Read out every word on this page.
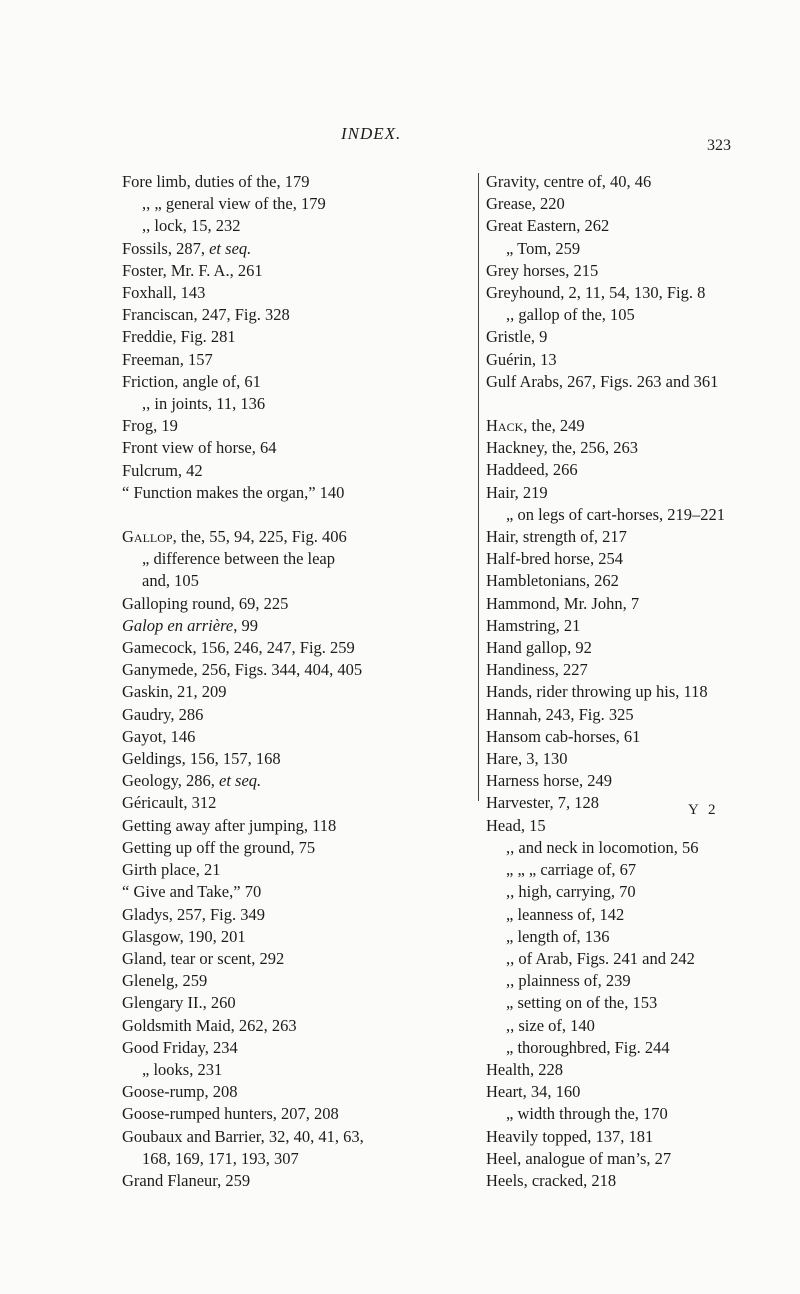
INDEX.
323
Fore limb, duties of the, 179
,, „ general view of the, 179
,, lock, 15, 232
Fossils, 287, et seq.
Foster, Mr. F. A., 261
Foxhall, 143
Franciscan, 247, Fig. 328
Freddie, Fig. 281
Freeman, 157
Friction, angle of, 61
,, in joints, 11, 136
Frog, 19
Front view of horse, 64
Fulcrum, 42
“ Function makes the organ,” 140
Gallop, the, 55, 94, 225, Fig. 406
„ difference between the leap
and, 105
Galloping round, 69, 225
Galop en arrière, 99
Gamecock, 156, 246, 247, Fig. 259
Ganymede, 256, Figs. 344, 404, 405
Gaskin, 21, 209
Gaudry, 286
Gayot, 146
Geldings, 156, 157, 168
Geology, 286, et seq.
Géricault, 312
Getting away after jumping, 118
Getting up off the ground, 75
Girth place, 21
“ Give and Take,” 70
Gladys, 257, Fig. 349
Glasgow, 190, 201
Gland, tear or scent, 292
Glenelg, 259
Glengary II., 260
Goldsmith Maid, 262, 263
Good Friday, 234
„ looks, 231
Goose-rump, 208
Goose-rumped hunters, 207, 208
Goubaux and Barrier, 32, 40, 41, 63,
168, 169, 171, 193, 307
Grand Flaneur, 259
Gravity, centre of, 40, 46
Grease, 220
Great Eastern, 262
„ Tom, 259
Grey horses, 215
Greyhound, 2, 11, 54, 130, Fig. 8
,, gallop of the, 105
Gristle, 9
Guérin, 13
Gulf Arabs, 267, Figs. 263 and 361
Hack, the, 249
Hackney, the, 256, 263
Haddeed, 266
Hair, 219
„ on legs of cart-horses, 219–221
Hair, strength of, 217
Half-bred horse, 254
Hambletonians, 262
Hammond, Mr. John, 7
Hamstring, 21
Hand gallop, 92
Handiness, 227
Hands, rider throwing up his, 118
Hannah, 243, Fig. 325
Hansom cab-horses, 61
Hare, 3, 130
Harness horse, 249
Harvester, 7, 128
Head, 15
,, and neck in locomotion, 56
„ „ „ carriage of, 67
,, high, carrying, 70
„ leanness of, 142
„ length of, 136
,, of Arab, Figs. 241 and 242
,, plainness of, 239
„ setting on of the, 153
,, size of, 140
„ thoroughbred, Fig. 244
Health, 228
Heart, 34, 160
„ width through the, 170
Heavily topped, 137, 181
Heel, analogue of man’s, 27
Heels, cracked, 218
Y 2
